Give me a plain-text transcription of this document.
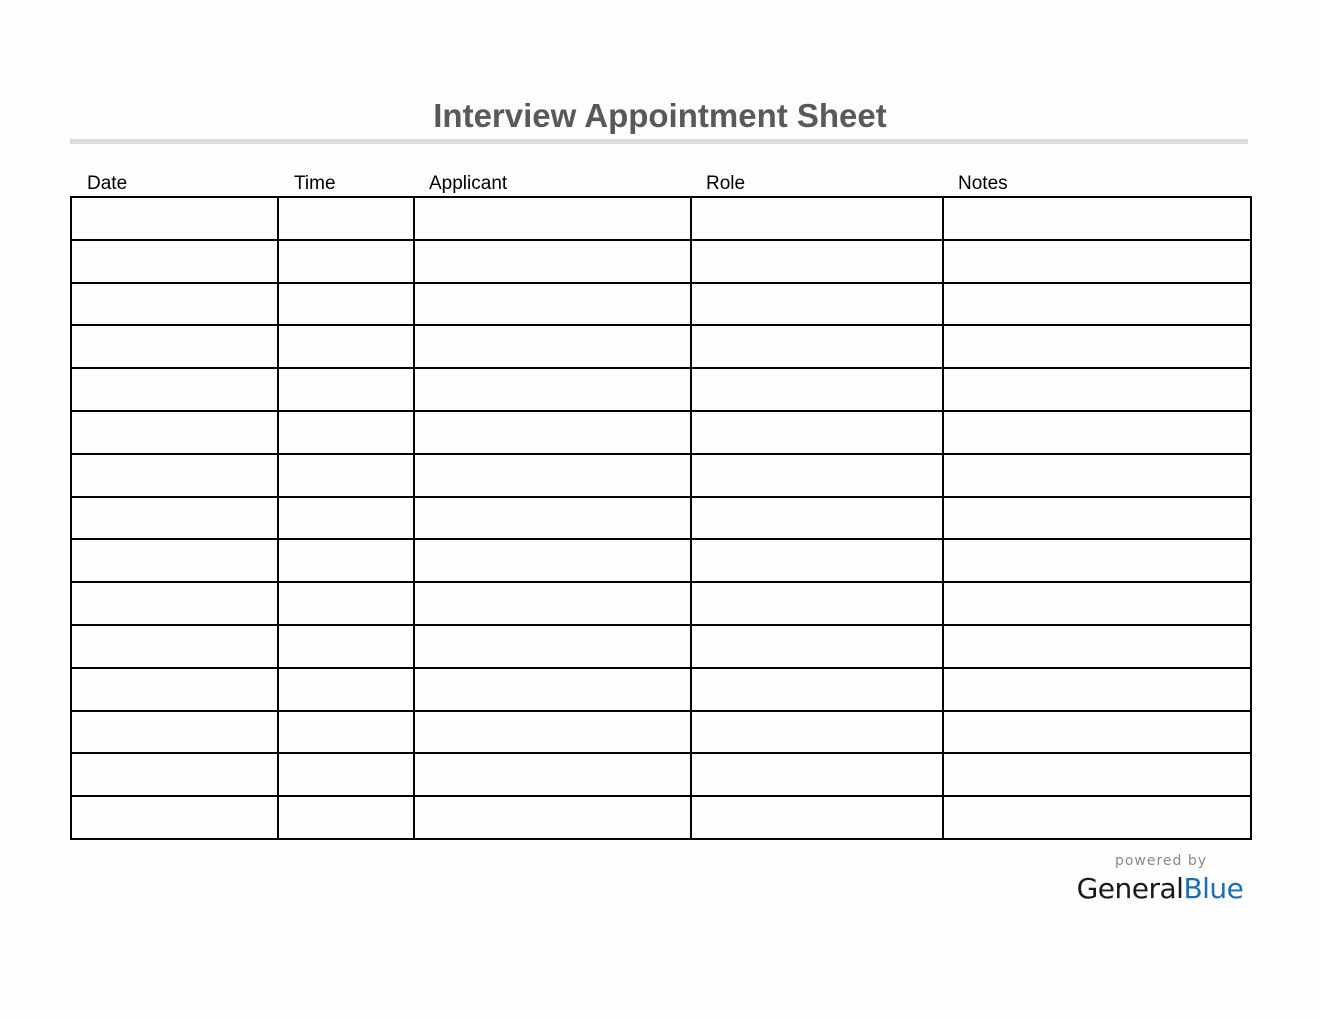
Interview Appointment Sheet
Date	Time	Applicant	Role	Notes

powered by
GeneralBlue
